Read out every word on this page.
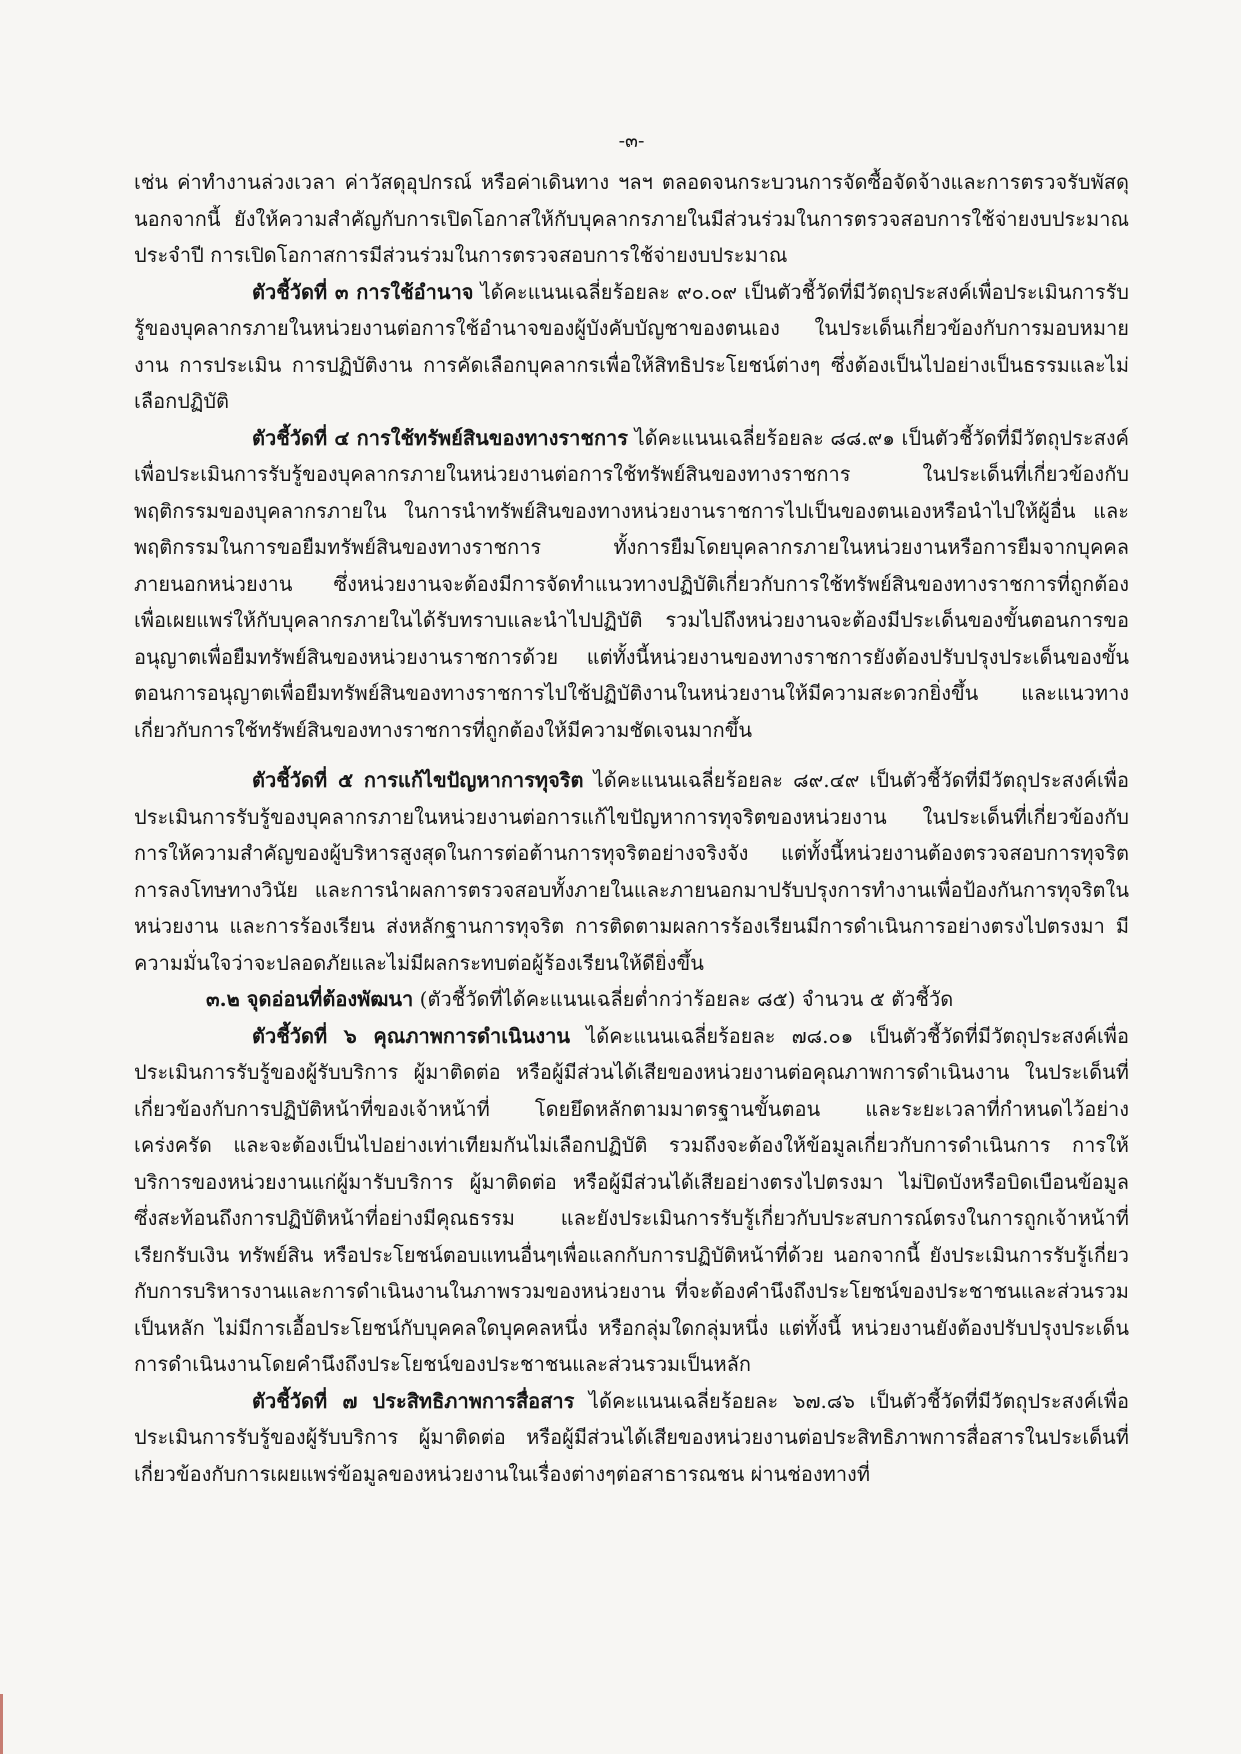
-๓-

เช่น ค่าทำงานล่วงเวลา ค่าวัสดุอุปกรณ์ หรือค่าเดินทาง ฯลฯ ตลอดจนกระบวนการจัดซื้อจัดจ้างและการตรวจรับพัสดุ นอกจากนี้ ยังให้ความสำคัญกับการเปิดโอกาสให้กับบุคลากรภายในมีส่วนร่วมในการตรวจสอบการใช้จ่ายงบประมาณประจำปี การเปิดโอกาสการมีส่วนร่วมในการตรวจสอบการใช้จ่ายงบประมาณ

ตัวชี้วัดที่ ๓ การใช้อำนาจ ได้คะแนนเฉลี่ยร้อยละ ๙๐.๐๙ เป็นตัวชี้วัดที่มีวัตถุประสงค์เพื่อประเมินการรับรู้ของบุคลากรภายในหน่วยงานต่อการใช้อำนาจของผู้บังคับบัญชาของตนเอง ในประเด็นเกี่ยวข้องกับการมอบหมายงาน การประเมิน การปฏิบัติงาน การคัดเลือกบุคลากรเพื่อให้สิทธิประโยชน์ต่างๆ ซึ่งต้องเป็นไปอย่างเป็นธรรมและไม่เลือกปฏิบัติ

ตัวชี้วัดที่ ๔ การใช้ทรัพย์สินของทางราชการ ได้คะแนนเฉลี่ยร้อยละ ๘๘.๙๑ เป็นตัวชี้วัดที่มีวัตถุประสงค์เพื่อประเมินการรับรู้ของบุคลากรภายในหน่วยงานต่อการใช้ทรัพย์สินของทางราชการ ในประเด็นที่เกี่ยวข้องกับพฤติกรรมของบุคลากรภายใน ในการนำทรัพย์สินของทางหน่วยงานราชการไปเป็นของตนเองหรือนำไปให้ผู้อื่น และพฤติกรรมในการขอยืมทรัพย์สินของทางราชการ ทั้งการยืมโดยบุคลากรภายในหน่วยงานหรือการยืมจากบุคคลภายนอกหน่วยงาน ซึ่งหน่วยงานจะต้องมีการจัดทำแนวทางปฏิบัติเกี่ยวกับการใช้ทรัพย์สินของทางราชการที่ถูกต้อง เพื่อเผยแพร่ให้กับบุคลากรภายในได้รับทราบและนำไปปฏิบัติ รวมไปถึงหน่วยงานจะต้องมีประเด็นของขั้นตอนการขออนุญาตเพื่อยืมทรัพย์สินของหน่วยงานราชการด้วย แต่ทั้งนี้หน่วยงานของทางราชการยังต้องปรับปรุงประเด็นของขั้นตอนการอนุญาตเพื่อยืมทรัพย์สินของทางราชการไปใช้ปฏิบัติงานในหน่วยงานให้มีความสะดวกยิ่งขึ้น และแนวทางเกี่ยวกับการใช้ทรัพย์สินของทางราชการที่ถูกต้องให้มีความชัดเจนมากขึ้น

ตัวชี้วัดที่ ๕ การแก้ไขปัญหาการทุจริต ได้คะแนนเฉลี่ยร้อยละ ๘๙.๔๙ เป็นตัวชี้วัดที่มีวัตถุประสงค์เพื่อประเมินการรับรู้ของบุคลากรภายในหน่วยงานต่อการแก้ไขปัญหาการทุจริตของหน่วยงาน ในประเด็นที่เกี่ยวข้องกับการให้ความสำคัญของผู้บริหารสูงสุดในการต่อต้านการทุจริตอย่างจริงจัง แต่ทั้งนี้หน่วยงานต้องตรวจสอบการทุจริต การลงโทษทางวินัย และการนำผลการตรวจสอบทั้งภายในและภายนอกมาปรับปรุงการทำงานเพื่อป้องกันการทุจริตในหน่วยงาน และการร้องเรียน ส่งหลักฐานการทุจริต การติดตามผลการร้องเรียนมีการดำเนินการอย่างตรงไปตรงมา มีความมั่นใจว่าจะปลอดภัยและไม่มีผลกระทบต่อผู้ร้องเรียนให้ดียิ่งขึ้น

๓.๒ จุดอ่อนที่ต้องพัฒนา (ตัวชี้วัดที่ได้คะแนนเฉลี่ยต่ำกว่าร้อยละ ๘๕) จำนวน ๕ ตัวชี้วัด

ตัวชี้วัดที่ ๖ คุณภาพการดำเนินงาน ได้คะแนนเฉลี่ยร้อยละ ๗๘.๐๑ เป็นตัวชี้วัดที่มีวัตถุประสงค์เพื่อประเมินการรับรู้ของผู้รับบริการ ผู้มาติดต่อ หรือผู้มีส่วนได้เสียของหน่วยงานต่อคุณภาพการดำเนินงาน ในประเด็นที่เกี่ยวข้องกับการปฏิบัติหน้าที่ของเจ้าหน้าที่ โดยยึดหลักตามมาตรฐานขั้นตอน และระยะเวลาที่กำหนดไว้อย่างเคร่งครัด และจะต้องเป็นไปอย่างเท่าเทียมกันไม่เลือกปฏิบัติ รวมถึงจะต้องให้ข้อมูลเกี่ยวกับการดำเนินการ การให้บริการของหน่วยงานแก่ผู้มารับบริการ ผู้มาติดต่อ หรือผู้มีส่วนได้เสียอย่างตรงไปตรงมา ไม่ปิดบังหรือบิดเบือนข้อมูล ซึ่งสะท้อนถึงการปฏิบัติหน้าที่อย่างมีคุณธรรม และยังประเมินการรับรู้เกี่ยวกับประสบการณ์ตรงในการถูกเจ้าหน้าที่เรียกรับเงิน ทรัพย์สิน หรือประโยชน์ตอบแทนอื่นๆเพื่อแลกกับการปฏิบัติหน้าที่ด้วย นอกจากนี้ ยังประเมินการรับรู้เกี่ยวกับการบริหารงานและการดำเนินงานในภาพรวมของหน่วยงาน ที่จะต้องคำนึงถึงประโยชน์ของประชาชนและส่วนรวมเป็นหลัก ไม่มีการเอื้อประโยชน์กับบุคคลใดบุคคลหนึ่ง หรือกลุ่มใดกลุ่มหนึ่ง แต่ทั้งนี้ หน่วยงานยังต้องปรับปรุงประเด็นการดำเนินงานโดยคำนึงถึงประโยชน์ของประชาชนและส่วนรวมเป็นหลัก

ตัวชี้วัดที่ ๗ ประสิทธิภาพการสื่อสาร ได้คะแนนเฉลี่ยร้อยละ ๖๗.๘๖ เป็นตัวชี้วัดที่มีวัตถุประสงค์เพื่อประเมินการรับรู้ของผู้รับบริการ ผู้มาติดต่อ หรือผู้มีส่วนได้เสียของหน่วยงานต่อประสิทธิภาพการสื่อสารในประเด็นที่เกี่ยวข้องกับการเผยแพร่ข้อมูลของหน่วยงานในเรื่องต่างๆต่อสาธารณชน ผ่านช่องทางที่
